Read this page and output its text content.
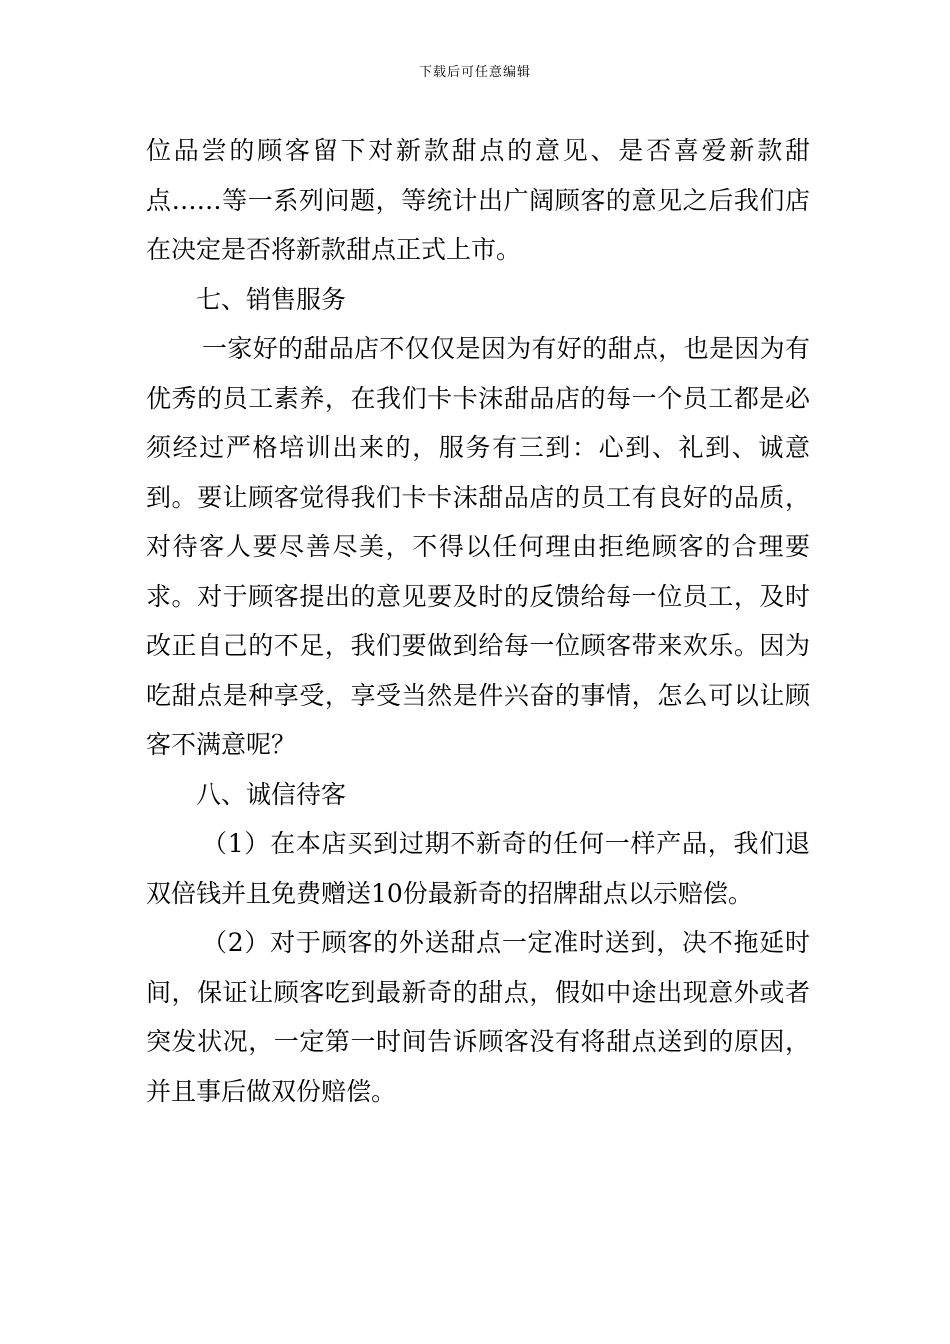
下载后可任意编辑

位品尝的顾客留下对新款甜点的意见、是否喜爱新款甜点……等一系列问题，等统计出广阔顾客的意见之后我们店在决定是否将新款甜点正式上市。

七、销售服务

一家好的甜品店不仅仅是因为有好的甜点，也是因为有优秀的员工素养，在我们卡卡沫甜品店的每一个员工都是必须经过严格培训出来的，服务有三到：心到、礼到、诚意到。要让顾客觉得我们卡卡沫甜品店的员工有良好的品质，对待客人要尽善尽美，不得以任何理由拒绝顾客的合理要求。对于顾客提出的意见要及时的反馈给每一位员工，及时改正自己的不足，我们要做到给每一位顾客带来欢乐。因为吃甜点是种享受，享受当然是件兴奋的事情，怎么可以让顾客不满意呢？

八、诚信待客

（1）在本店买到过期不新奇的任何一样产品，我们退双倍钱并且免费赠送10份最新奇的招牌甜点以示赔偿。

（2）对于顾客的外送甜点一定准时送到，决不拖延时间，保证让顾客吃到最新奇的甜点，假如中途出现意外或者突发状况，一定第一时间告诉顾客没有将甜点送到的原因，并且事后做双份赔偿。
